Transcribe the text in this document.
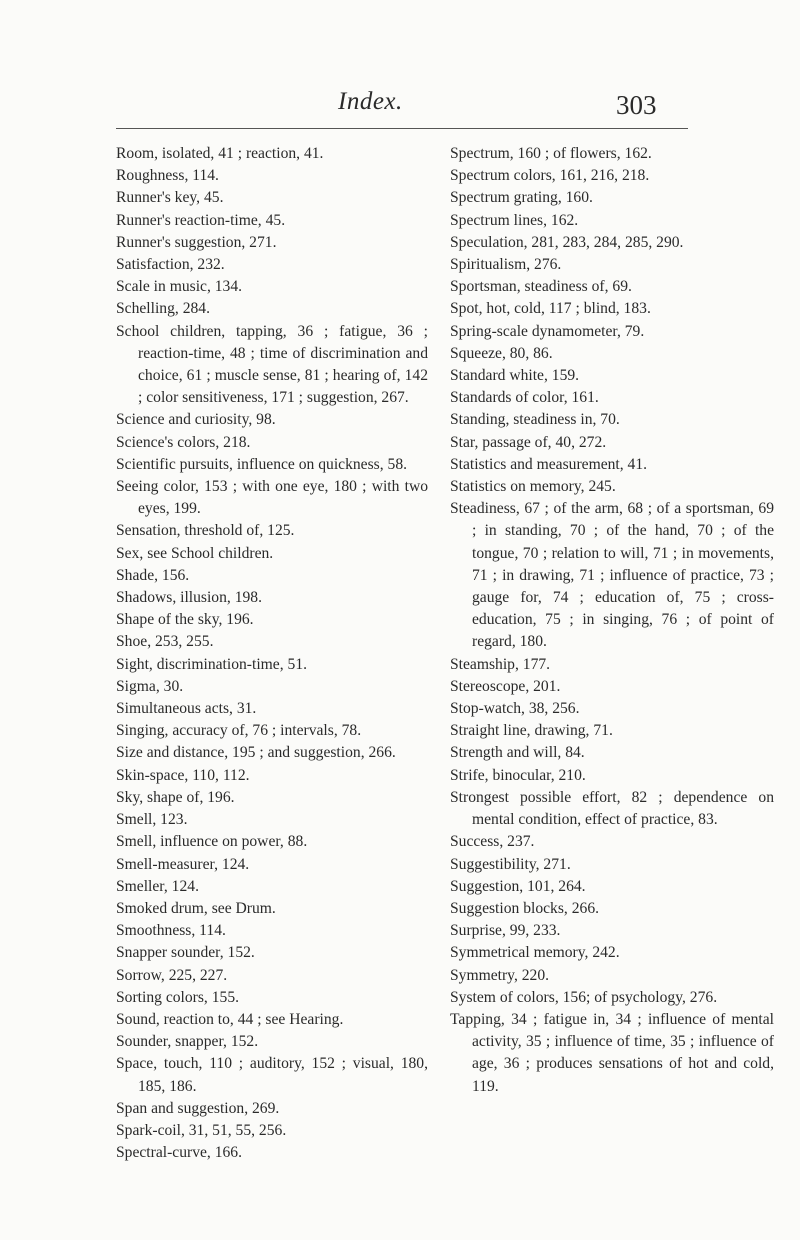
Index.	303

Room, isolated, 41 ; reaction, 41.

Roughness, 114.

Runner's key, 45.

Runner's reaction-time, 45.

Runner's suggestion, 271.

Satisfaction, 232.

Scale in music, 134.

Schelling, 284.

School children, tapping, 36 ; fatigue, 36 ; reaction-time, 48 ; time of discrimination and choice, 61 ; muscle sense, 81 ; hearing of, 142 ; color sensitiveness, 171 ; suggestion, 267.

Science and curiosity, 98.

Science's colors, 218.

Scientific pursuits, influence on quickness, 58.

Seeing color, 153 ; with one eye, 180 ; with two eyes, 199.

Sensation, threshold of, 125.

Sex, see School children.

Shade, 156.

Shadows, illusion, 198.

Shape of the sky, 196.

Shoe, 253, 255.

Sight, discrimination-time, 51.

Sigma, 30.

Simultaneous acts, 31.

Singing, accuracy of, 76 ; intervals, 78.

Size and distance, 195 ; and suggestion, 266.

Skin-space, 110, 112.

Sky, shape of, 196.

Smell, 123.

Smell, influence on power, 88.

Smell-measurer, 124.

Smeller, 124.

Smoked drum, see Drum.

Smoothness, 114.

Snapper sounder, 152.

Sorrow, 225, 227.

Sorting colors, 155.

Sound, reaction to, 44 ; see Hearing.

Sounder, snapper, 152.

Space, touch, 110 ; auditory, 152 ; visual, 180, 185, 186.

Span and suggestion, 269.

Spark-coil, 31, 51, 55, 256.

Spectral-curve, 166.

Spectrum, 160 ; of flowers, 162.

Spectrum colors, 161, 216, 218.

Spectrum grating, 160.

Spectrum lines, 162.

Speculation, 281, 283, 284, 285, 290.

Spiritualism, 276.

Sportsman, steadiness of, 69.

Spot, hot, cold, 117 ; blind, 183.

Spring-scale dynamometer, 79.

Squeeze, 80, 86.

Standard white, 159.

Standards of color, 161.

Standing, steadiness in, 70.

Star, passage of, 40, 272.

Statistics and measurement, 41.

Statistics on memory, 245.

Steadiness, 67 ; of the arm, 68 ; of a sportsman, 69 ; in standing, 70 ; of the hand, 70 ; of the tongue, 70 ; relation to will, 71 ; in movements, 71 ; in drawing, 71 ; influence of practice, 73 ; gauge for, 74 ; education of, 75 ; cross-education, 75 ; in singing, 76 ; of point of regard, 180.

Steamship, 177.

Stereoscope, 201.

Stop-watch, 38, 256.

Straight line, drawing, 71.

Strength and will, 84.

Strife, binocular, 210.

Strongest possible effort, 82 ; dependence on mental condition, effect of practice, 83.

Success, 237.

Suggestibility, 271.

Suggestion, 101, 264.

Suggestion blocks, 266.

Surprise, 99, 233.

Symmetrical memory, 242.

Symmetry, 220.

System of colors, 156; of psychology, 276.

Tapping, 34 ; fatigue in, 34 ; influence of mental activity, 35 ; influence of time, 35 ; influence of age, 36 ; produces sensations of hot and cold, 119.
